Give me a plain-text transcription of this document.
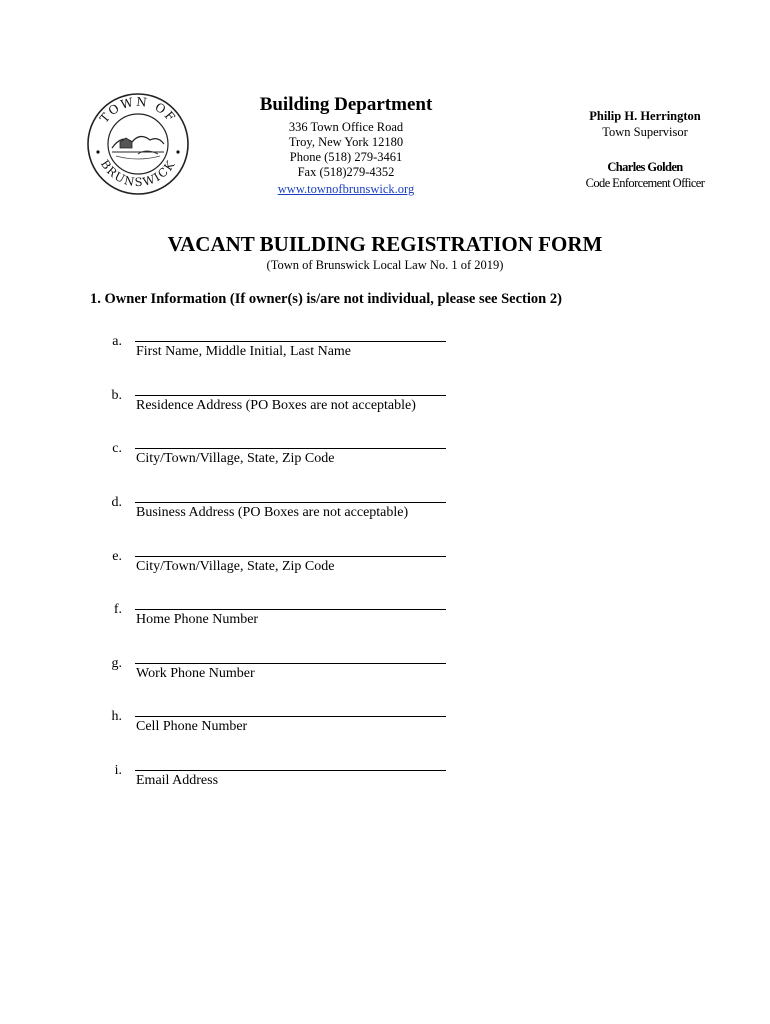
TOWN OF
BRUNSWICK
Building Department
336 Town Office Road
Troy, New York 12180
Phone (518) 279-3461
Fax (518)279-4352
www.townofbrunswick.org
Philip H. Herrington
Town Supervisor
Charles Golden
Code Enforcement Officer
VACANT BUILDING REGISTRATION FORM
(Town of Brunswick Local Law No. 1 of 2019)
1. Owner Information (If owner(s) is/are not individual, please see Section 2)
a.
First Name, Middle Initial, Last Name
b.
Residence Address (PO Boxes are not acceptable)
c.
City/Town/Village, State, Zip Code
d.
Business Address (PO Boxes are not acceptable)
e.
City/Town/Village, State, Zip Code
f.
Home Phone Number
g.
Work Phone Number
h.
Cell Phone Number
i.
Email Address
